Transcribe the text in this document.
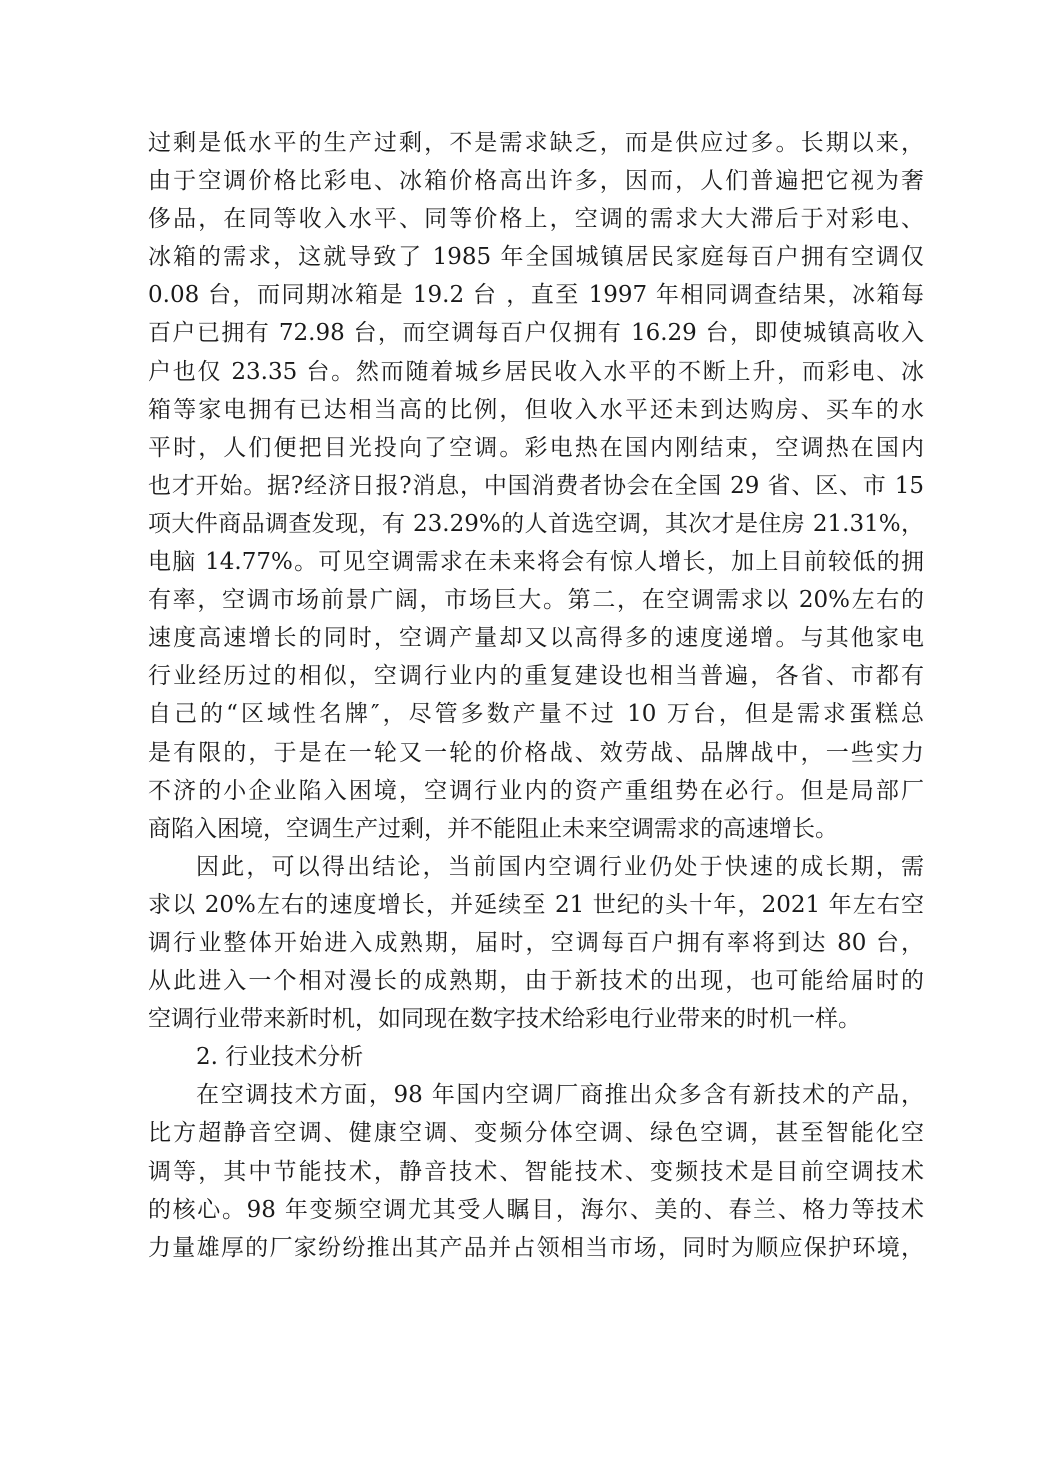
过剩是低水平的生产过剩，不是需求缺乏，而是供应过多。长期以来，
由于空调价格比彩电、冰箱价格高出许多，因而，人们普遍把它视为奢
侈品，在同等收入水平、同等价格上，空调的需求大大滞后于对彩电、
冰箱的需求，这就导致了 1985 年全国城镇居民家庭每百户拥有空调仅
0.08 台，而同期冰箱是 19.2 台 ，直至 1997 年相同调查结果，冰箱每
百户已拥有 72.98 台，而空调每百户仅拥有 16.29 台，即使城镇高收入
户也仅 23.35 台。然而随着城乡居民收入水平的不断上升，而彩电、冰
箱等家电拥有已达相当高的比例，但收入水平还未到达购房、买车的水
平时，人们便把目光投向了空调。彩电热在国内刚结束，空调热在国内
也才开始。据?经济日报?消息，中国消费者协会在全国 29 省、区、市 15
项大件商品调查发现，有 23.29%的人首选空调，其次才是住房 21.31%，
电脑 14.77%。可见空调需求在未来将会有惊人增长，加上目前较低的拥
有率，空调市场前景广阔，市场巨大。第二，在空调需求以 20%左右的
速度高速增长的同时，空调产量却又以高得多的速度递增。与其他家电
行业经历过的相似，空调行业内的重复建设也相当普遍，各省、市都有
自己的“区域性名牌″，尽管多数产量不过 10 万台，但是需求蛋糕总
是有限的，于是在一轮又一轮的价格战、效劳战、品牌战中，一些实力
不济的小企业陷入困境，空调行业内的资产重组势在必行。但是局部厂
商陷入困境，空调生产过剩，并不能阻止未来空调需求的高速增长。
因此，可以得出结论，当前国内空调行业仍处于快速的成长期，需
求以 20%左右的速度增长，并延续至 21 世纪的头十年，2021 年左右空
调行业整体开始进入成熟期，届时，空调每百户拥有率将到达 80 台，
从此进入一个相对漫长的成熟期，由于新技术的出现，也可能给届时的
空调行业带来新时机，如同现在数字技术给彩电行业带来的时机一样。
2. 行业技术分析
在空调技术方面，98 年国内空调厂商推出众多含有新技术的产品，
比方超静音空调、健康空调、变频分体空调、绿色空调，甚至智能化空
调等，其中节能技术，静音技术、智能技术、变频技术是目前空调技术
的核心。98 年变频空调尤其受人瞩目，海尔、美的、春兰、格力等技术
力量雄厚的厂家纷纷推出其产品并占领相当市场，同时为顺应保护环境，
